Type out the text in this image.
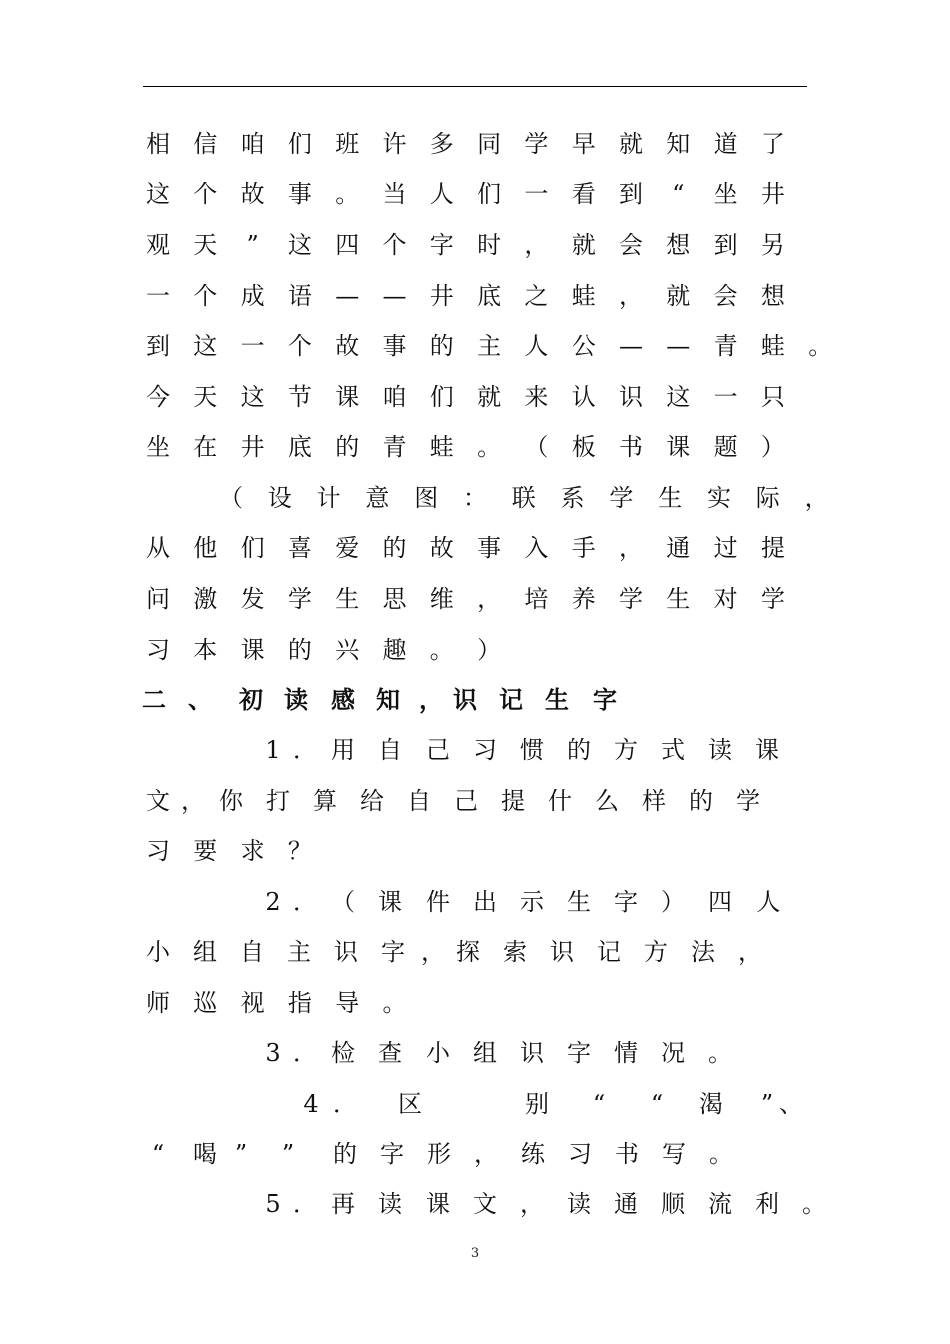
相 信 咱 们 班 许 多 同 学 早 就 知 道 了
这 个 故 事 。 当 人 们 一 看 到	“	坐 井
观 天	”	这 四 个 字 时 ， 就 会 想 到 另
一 个 成 语 — — 井 底 之 蛙 ， 就 会 想
到 这 一 个 故 事 的 主 人 公 — — 青 蛙 。
今 天 这 节 课 咱 们 就 来 认 识 这 一 只
坐 在 井 底 的 青 蛙 。 （ 板 书 课 题 ）
（ 设 计 意 图 ： 联 系 学 生 实 际 ，
从 他 们 喜 爱 的 故 事 入 手 ， 通 过 提
问 激 发 学 生 思 维 ， 培 养 学 生 对 学
习 本 课 的 兴 趣 。 ）
二 、 初 读 感 知 ， 识 记 生 字
1 ． 用 自 己 习 惯 的 方 式 读 课
文 ， 你 打 算 给 自 己 提 什 么 样 的 学
习 要 求 ？
2 ． （ 课 件 出 示 生 字 ） 四 人
小 组 自 主 识 字 ， 探 索 识 记 方 法 ，
师 巡 视 指 导 。
3 ． 检 查 小 组 识 字 情 况 。
4 ． 区	别	“	“	渴	” 、
“	喝 ”	”	的 字 形 ， 练 习 书 写 。
5 ． 再 读 课 文 ， 读 通 顺 流 利 。
3
